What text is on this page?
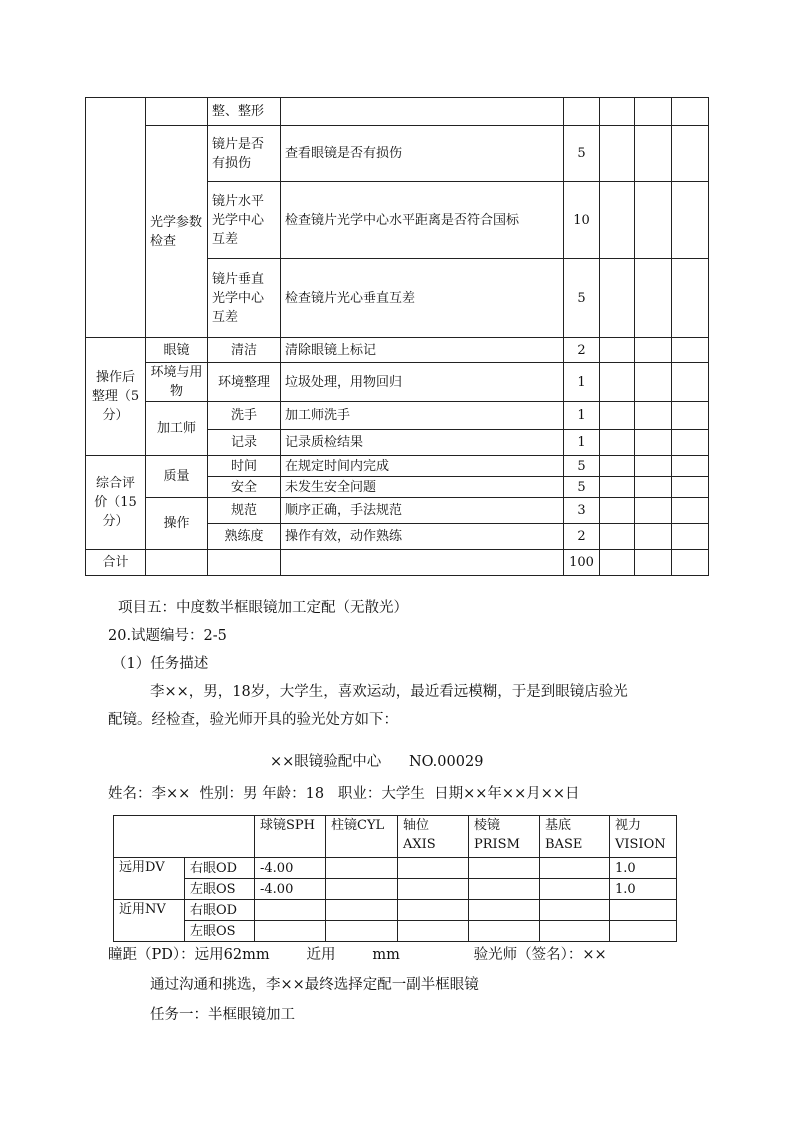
		整、整形					
	光学参数检查	镜片是否有损伤	查看眼镜是否有损伤	5			
		镜片水平光学中心互差	检查镜片光学中心水平距离是否符合国标	10			
		镜片垂直光学中心互差	检查镜片光心垂直互差	5			
操作后整理（5分）	眼镜	清洁	清除眼镜上标记	2			
	环境与用物	环境整理	垃圾处理，用物回归	1			
	加工师	洗手	加工师洗手	1			
		记录	记录质检结果	1			
综合评价（15分）	质量	时间	在规定时间内完成	5			
		安全	未发生安全问题	5			
	操作	规范	顺序正确，手法规范	3			
		熟练度	操作有效，动作熟练	2			
合计				100			
项目五：中度数半框眼镜加工定配（无散光）
20.试题编号：2-5
（1）任务描述
李××，男，18岁，大学生，喜欢运动，最近看远模糊，于是到眼镜店验光
配镜。经检查，验光师开具的验光处方如下：
××眼镜验配中心      NO.00029
姓名：李××  性别：男 年龄：18   职业：大学生  日期××年××月××日
		球镜SPH	柱镜CYL	轴位
AXIS	棱镜
PRISM	基底
BASE	视力
VISION
远用DV	右眼OD	-4.00					1.0
	左眼OS	-4.00					1.0
近用NV	右眼OD						
	左眼OS						
瞳距（PD）：远用62mm        近用        mm                验光师（签名）：××
通过沟通和挑选，李××最终选择定配一副半框眼镜
任务一：半框眼镜加工
